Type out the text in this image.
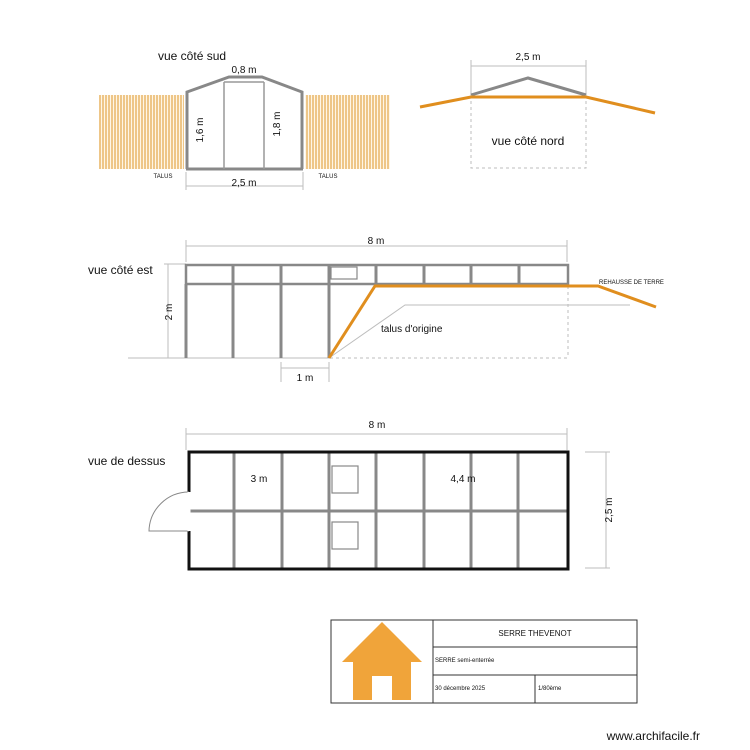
vue côté sud
0,8 m
1,6 m	1,8 m
TALUS	TALUS
2,5 m
2,5 m
vue côté nord
vue côté est
8 m
2 m
REHAUSSE DE TERRE
talus d'origine
1 m
8 m
vue de dessus
3 m	4,4 m
2,5 m
SERRE THEVENOT
SERRE semi-enterrée
30 décembre 2025	1/80ème
www.archifacile.fr
